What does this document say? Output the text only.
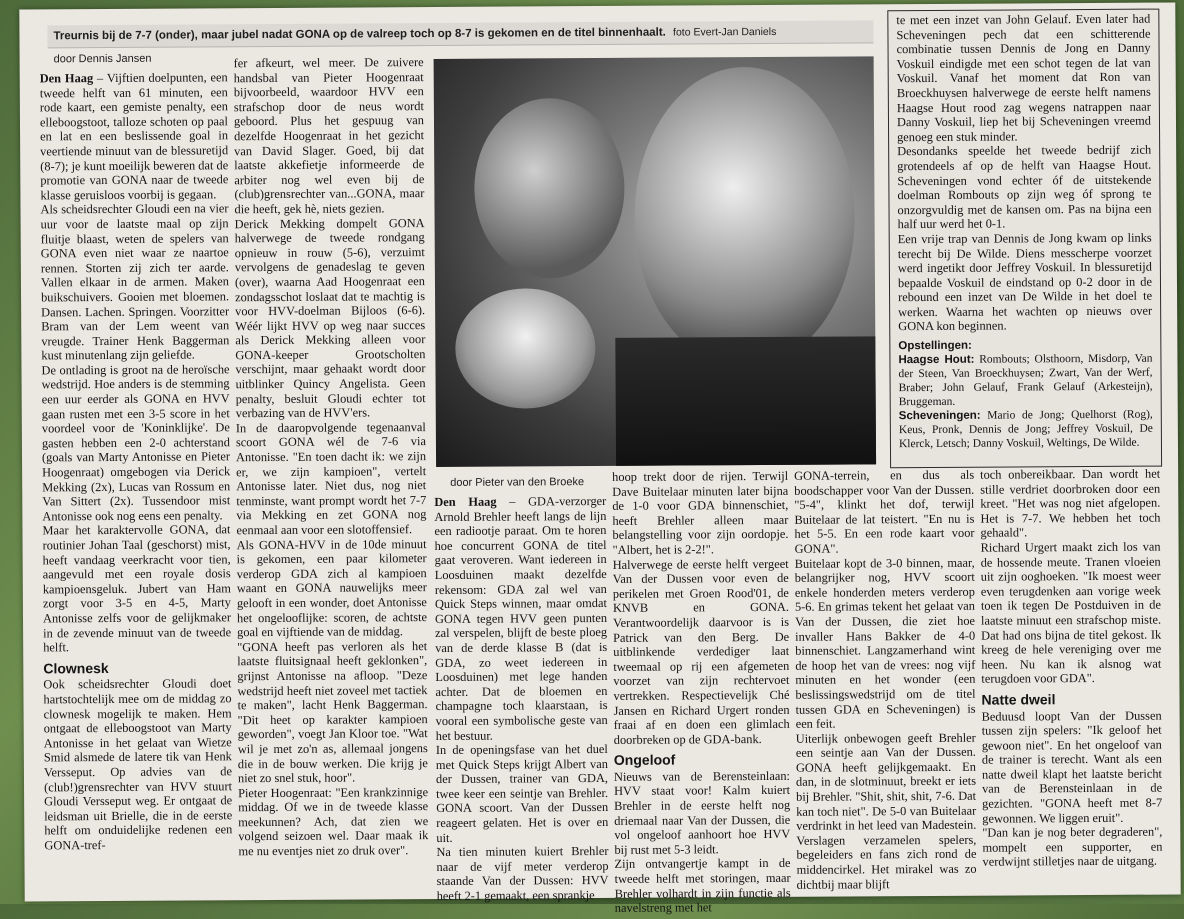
Treurnis bij de 7-7 (onder), maar jubel nadat GONA op de valreep toch op 8-7 is gekomen en de titel binnenhaalt. foto Evert-Jan Daniels
door Dennis Jansen

Den Haag – Vijftien doelpunten, een tweede helft van 61 minuten, een rode kaart, een gemiste penalty, een elleboogstoot, talloze schoten op paal en lat en een beslissende goal in veertiende minuut van de blessuretijd (8-7); je kunt moeilijk beweren dat de promotie van GONA naar de tweede klasse geruisloos voorbij is gegaan.

Als scheidsrechter Gloudi een na vier uur voor de laatste maal op zijn fluitje blaast, weten de spelers van GONA even niet waar ze naartoe rennen. Storten zij zich ter aarde. Vallen elkaar in de armen. Maken buikschuivers. Gooien met bloemen. Dansen. Lachen. Springen. Voorzitter Bram van der Lem weent van vreugde. Trainer Henk Baggerman kust minutenlang zijn geliefde.

De ontlading is groot na de heroïsche wedstrijd. Hoe anders is de stemming een uur eerder als GONA en HVV gaan rusten met een 3-5 score in het voordeel voor de 'Koninklijke'. De gasten hebben een 2-0 achterstand (goals van Marty Antonisse en Pieter Hoogenraat) omgebogen via Derick Mekking (2x), Lucas van Rossum en Van Sittert (2x). Tussendoor mist Antonisse ook nog eens een penalty.

Maar het karaktervolle GONA, dat routinier Johan Taal (geschorst) mist, heeft vandaag veerkracht voor tien, aangevuld met een royale dosis kampioensgeluk. Jubert van Ham zorgt voor 3-5 en 4-5, Marty Antonisse zelfs voor de gelijkmaker in de zevende minuut van de tweede helft.

Clownesk

Ook scheidsrechter Gloudi doet hartstochtelijk mee om de middag zo clownesk mogelijk te maken. Hem ontgaat de elleboogstoot van Marty Antonisse in het gelaat van Wietze Smid alsmede de latere tik van Henk Versseput. Op advies van de (club!)grensrechter van HVV stuurt Gloudi Versseput weg. Er ontgaat de leidsman uit Brielle, die in de eerste helft om onduidelijke redenen een GONA-tref-

fer afkeurt, wel meer. De zuivere handsbal van Pieter Hoogenraat bijvoorbeeld, waardoor HVV een strafschop door de neus wordt geboord. Plus het gespuug van dezelfde Hoogenraat in het gezicht van David Slager. Goed, bij dat laatste akkefietje informeerde de arbiter nog wel even bij de (club)grensrechter van...GONA, maar die heeft, gek hè, niets gezien.

Derick Mekking dompelt GONA halverwege de tweede rondgang opnieuw in rouw (5-6), verzuimt vervolgens de genadeslag te geven (over), waarna Aad Hoogenraat een zondagsschot loslaat dat te machtig is voor HVV-doelman Bijloos (6-6). Wéér lijkt HVV op weg naar succes als Derick Mekking alleen voor GONA-keeper Grootscholten verschijnt, maar gehaakt wordt door uitblinker Quincy Angelista. Geen penalty, besluit Gloudi echter tot verbazing van de HVV'ers.

In de daaropvolgende tegenaanval scoort GONA wél de 7-6 via Antonisse. "En toen dacht ik: we zijn er, we zijn kampioen", vertelt Antonisse later. Niet dus, nog niet tenminste, want prompt wordt het 7-7 via Mekking en zet GONA nog eenmaal aan voor een slotoffensief.

Als GONA-HVV in de 10de minuut is gekomen, een paar kilometer verderop GDA zich al kampioen waant en GONA nauwelijks meer gelooft in een wonder, doet Antonisse het ongelooflijke: scoren, de achtste goal en vijftiende van de middag.

"GONA heeft pas verloren als het laatste fluitsignaal heeft geklonken", grijnst Antonisse na afloop. "Deze wedstrijd heeft niet zoveel met tactiek te maken", lacht Henk Baggerman. "Dit heet op karakter kampioen geworden", voegt Jan Kloor toe. "Wat wil je met zo'n as, allemaal jongens die in de bouw werken. Die krijg je niet zo snel stuk, hoor".

Pieter Hoogenraat: "Een krankzinnige middag. Of we in de tweede klasse meekunnen? Ach, dat zien we volgend seizoen wel. Daar maak ik me nu eventjes niet zo druk over".

te met een inzet van John Gelauf. Even later had Scheveningen pech dat een schitterende combinatie tussen Dennis de Jong en Danny Voskuil eindigde met een schot tegen de lat van Voskuil. Vanaf het moment dat Ron van Broeckhuysen halverwege de eerste helft namens Haagse Hout rood zag wegens natrappen naar Danny Voskuil, liep het bij Scheveningen vreemd genoeg een stuk minder.

Desondanks speelde het tweede bedrijf zich grotendeels af op de helft van Haagse Hout. Scheveningen vond echter óf de uitstekende doelman Rombouts op zijn weg óf sprong te onzorgvuldig met de kansen om. Pas na bijna een half uur werd het 0-1.

Een vrije trap van Dennis de Jong kwam op links terecht bij De Wilde. Diens messcherpe voorzet werd ingetikt door Jeffrey Voskuil. In blessuretijd bepaalde Voskuil de eindstand op 0-2 door in de rebound een inzet van De Wilde in het doel te werken. Waarna het wachten op nieuws over GONA kon beginnen.

Opstellingen:

Haagse Hout: Rombouts; Olsthoorn, Misdorp, Van der Steen, Van Broeckhuysen; Zwart, Van der Werf, Braber; John Gelauf, Frank Gelauf (Arkesteijn), Bruggeman.

Scheveningen: Mario de Jong; Quelhorst (Rog), Keus, Pronk, Dennis de Jong; Jeffrey Voskuil, De Klerck, Letsch; Danny Voskuil, Weltings, De Wilde.

door Pieter van den Broeke

Den Haag – GDA-verzorger Arnold Brehler heeft langs de lijn een radiootje paraat. Om te horen hoe concurrent GONA de titel gaat veroveren. Want iedereen in Loosduinen maakt dezelfde rekensom: GDA zal wel van Quick Steps winnen, maar omdat GONA tegen HVV geen punten zal verspelen, blijft de beste ploeg van de derde klasse B (dat is GDA, zo weet iedereen in Loosduinen) met lege handen achter. Dat de bloemen en champagne toch klaarstaan, is vooral een symbolische geste van het bestuur.

In de openingsfase van het duel met Quick Steps krijgt Albert van der Dussen, trainer van GDA, twee keer een seintje van Brehler. GONA scoort. Van der Dussen reageert gelaten. Het is over en uit.

Na tien minuten kuiert Brehler naar de vijf meter verderop staande Van der Dussen: HVV heeft 2-1 gemaakt, een sprankje

hoop trekt door de rijen. Terwijl Dave Buitelaar minuten later bijna de 1-0 voor GDA binnenschiet, heeft Brehler alleen maar belangstelling voor zijn oordopje. "Albert, het is 2-2!".

Halverwege de eerste helft vergeet Van der Dussen voor even de perikelen met Groen Rood'01, de KNVB en GONA. Verantwoordelijk daarvoor is is Patrick van den Berg. De uitblinkende verdediger laat tweemaal op rij een afgemeten voorzet van zijn rechtervoet vertrekken. Respectievelijk Ché Jansen en Richard Urgert ronden fraai af en doen een glimlach doorbreken op de GDA-bank.

Ongeloof

Nieuws van de Berensteinlaan: HVV staat voor! Kalm kuiert Brehler in de eerste helft nog driemaal naar Van der Dussen, die vol ongeloof aanhoort hoe HVV bij rust met 5-3 leidt.

Zijn ontvangertje kampt in de tweede helft met storingen, maar Brehler volhardt in zijn functie als navelstreng met het

GONA-terrein, en dus als boodschapper voor Van der Dussen. "5-4", klinkt het dof, terwijl Buitelaar de lat teistert. "En nu is het 5-5. En een rode kaart voor GONA".

Buitelaar kopt de 3-0 binnen, maar, belangrijker nog, HVV scoort enkele honderden meters verderop 5-6. En grimas tekent het gelaat van Van der Dussen, die ziet hoe invaller Hans Bakker de 4-0 binnenschiet. Langzamerhand wint de hoop het van de vrees: nog vijf minuten en het wonder (een beslissingswedstrijd om de titel tussen GDA en Scheveningen) is een feit.

Uiterlijk onbewogen geeft Brehler een seintje aan Van der Dussen. GONA heeft gelijkgemaakt. En dan, in de slotminuut, breekt er iets bij Brehler. "Shit, shit, shit, 7-6. Dat kan toch niet". De 5-0 van Buitelaar verdrinkt in het leed van Madestein. Verslagen verzamelen spelers, begeleiders en fans zich rond de middencirkel. Het mirakel was zo dichtbij maar blijft

toch onbereikbaar. Dan wordt het stille verdriet doorbroken door een kreet. "Het was nog niet afgelopen. Het is 7-7. We hebben het toch gehaald".

Richard Urgert maakt zich los van de hossende meute. Tranen vloeien uit zijn ooghoeken. "Ik moest weer even terugdenken aan vorige week toen ik tegen De Postduiven in de laatste minuut een strafschop miste. Dat had ons bijna de titel gekost. Ik kreeg de hele vereniging over me heen. Nu kan ik alsnog wat terugdoen voor GDA".

Natte dweil

Beduusd loopt Van der Dussen tussen zijn spelers: "Ik geloof het gewoon niet". En het ongeloof van de trainer is terecht. Want als een natte dweil klapt het laatste bericht van de Berensteinlaan in de gezichten. "GONA heeft met 8-7 gewonnen. We liggen eruit".

"Dan kan je nog beter degraderen", mompelt een supporter, en verdwijnt stilletjes naar de uitgang.
